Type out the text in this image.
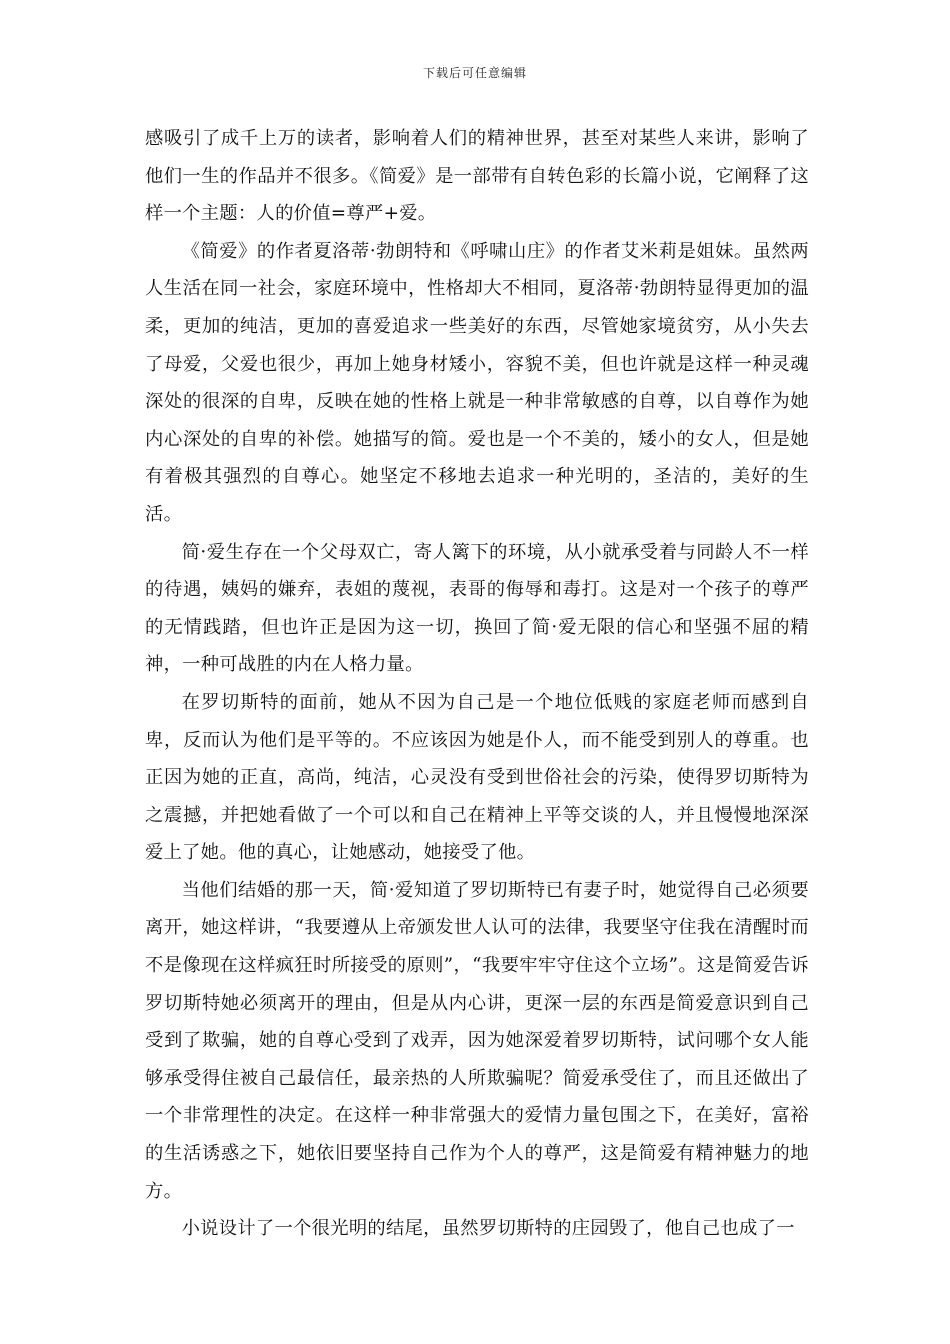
下载后可任意编辑

感吸引了成千上万的读者，影响着人们的精神世界，甚至对某些人来讲，影响了他们一生的作品并不很多。《简爱》是一部带有自转色彩的长篇小说，它阐释了这样一个主题：人的价值=尊严+爱。

《简爱》的作者夏洛蒂·勃朗特和《呼啸山庄》的作者艾米莉是姐妹。虽然两人生活在同一社会，家庭环境中，性格却大不相同，夏洛蒂·勃朗特显得更加的温柔，更加的纯洁，更加的喜爱追求一些美好的东西，尽管她家境贫穷，从小失去了母爱，父爱也很少，再加上她身材矮小，容貌不美，但也许就是这样一种灵魂深处的很深的自卑，反映在她的性格上就是一种非常敏感的自尊，以自尊作为她内心深处的自卑的补偿。她描写的简。爱也是一个不美的，矮小的女人，但是她有着极其强烈的自尊心。她坚定不移地去追求一种光明的，圣洁的，美好的生活。

简·爱生存在一个父母双亡，寄人篱下的环境，从小就承受着与同龄人不一样的待遇，姨妈的嫌弃，表姐的蔑视，表哥的侮辱和毒打。这是对一个孩子的尊严的无情践踏，但也许正是因为这一切，换回了简·爱无限的信心和坚强不屈的精神，一种可战胜的内在人格力量。

在罗切斯特的面前，她从不因为自己是一个地位低贱的家庭老师而感到自卑，反而认为他们是平等的。不应该因为她是仆人，而不能受到别人的尊重。也正因为她的正直，高尚，纯洁，心灵没有受到世俗社会的污染，使得罗切斯特为之震撼，并把她看做了一个可以和自己在精神上平等交谈的人，并且慢慢地深深爱上了她。他的真心，让她感动，她接受了他。

当他们结婚的那一天，简·爱知道了罗切斯特已有妻子时，她觉得自己必须要离开，她这样讲，“我要遵从上帝颁发世人认可的法律，我要坚守住我在清醒时而不是像现在这样疯狂时所接受的原则”，“我要牢牢守住这个立场”。这是简爱告诉罗切斯特她必须离开的理由，但是从内心讲，更深一层的东西是简爱意识到自己受到了欺骗，她的自尊心受到了戏弄，因为她深爱着罗切斯特，试问哪个女人能够承受得住被自己最信任，最亲热的人所欺骗呢？简爱承受住了，而且还做出了一个非常理性的决定。在这样一种非常强大的爱情力量包围之下，在美好，富裕的生活诱惑之下，她依旧要坚持自己作为个人的尊严，这是简爱有精神魅力的地方。

小说设计了一个很光明的结尾，虽然罗切斯特的庄园毁了，他自己也成了一
